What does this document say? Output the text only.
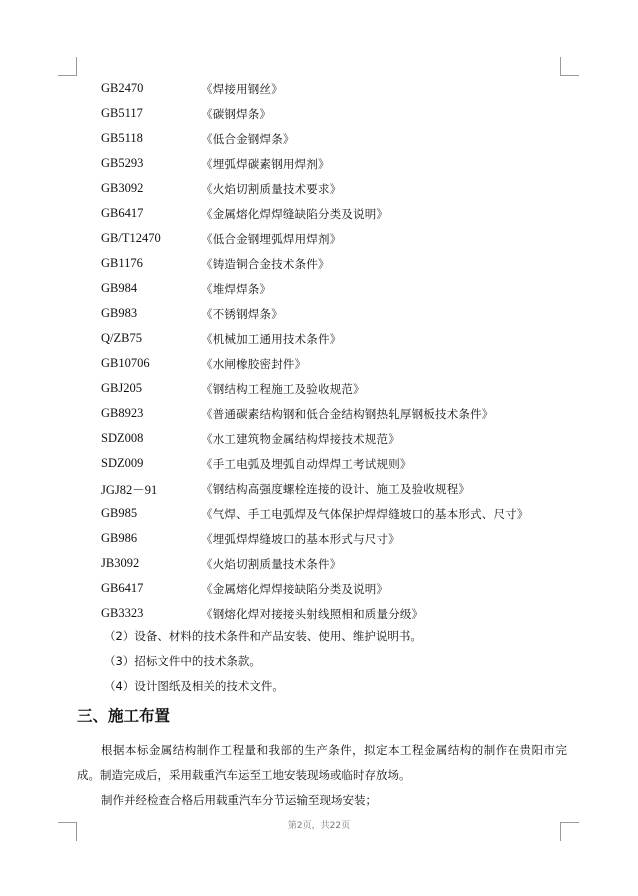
GB2470	《焊接用钢丝》
GB5117	《碳钢焊条》
GB5118	《低合金钢焊条》
GB5293	《埋弧焊碳素钢用焊剂》
GB3092	《火焰切割质量技术要求》
GB6417	《金属熔化焊焊缝缺陷分类及说明》
GB/T12470	《低合金钢埋弧焊用焊剂》
GB1176	《铸造铜合金技术条件》
GB984	《堆焊焊条》
GB983	《不锈钢焊条》
Q/ZB75	《机械加工通用技术条件》
GB10706	《水闸橡胶密封件》
GBJ205	《钢结构工程施工及验收规范》
GB8923	《普通碳素结构钢和低合金结构钢热轧厚钢板技术条件》
SDZ008	《水工建筑物金属结构焊接技术规范》
SDZ009	《手工电弧及埋弧自动焊焊工考试规则》
JGJ82－91	《钢结构高强度螺栓连接的设计、施工及验收规程》
GB985	《气焊、手工电弧焊及气体保护焊焊缝坡口的基本形式、尺寸》
GB986	《埋弧焊焊缝坡口的基本形式与尺寸》
JB3092	《火焰切割质量技术条件》
GB6417	《金属熔化焊焊接缺陷分类及说明》
GB3323	《钢熔化焊对接接头射线照相和质量分级》
（2）设备、材料的技术条件和产品安装、使用、维护说明书。
（3）招标文件中的技术条款。
（4）设计图纸及相关的技术文件。
三、施工布置

根据本标金属结构制作工程量和我部的生产条件，拟定本工程金属结构的制作在贵阳市完成。制造完成后，采用载重汽车运至工地安装现场或临时存放场。

制作并经检查合格后用载重汽车分节运输至现场安装；

第2页，共22页
